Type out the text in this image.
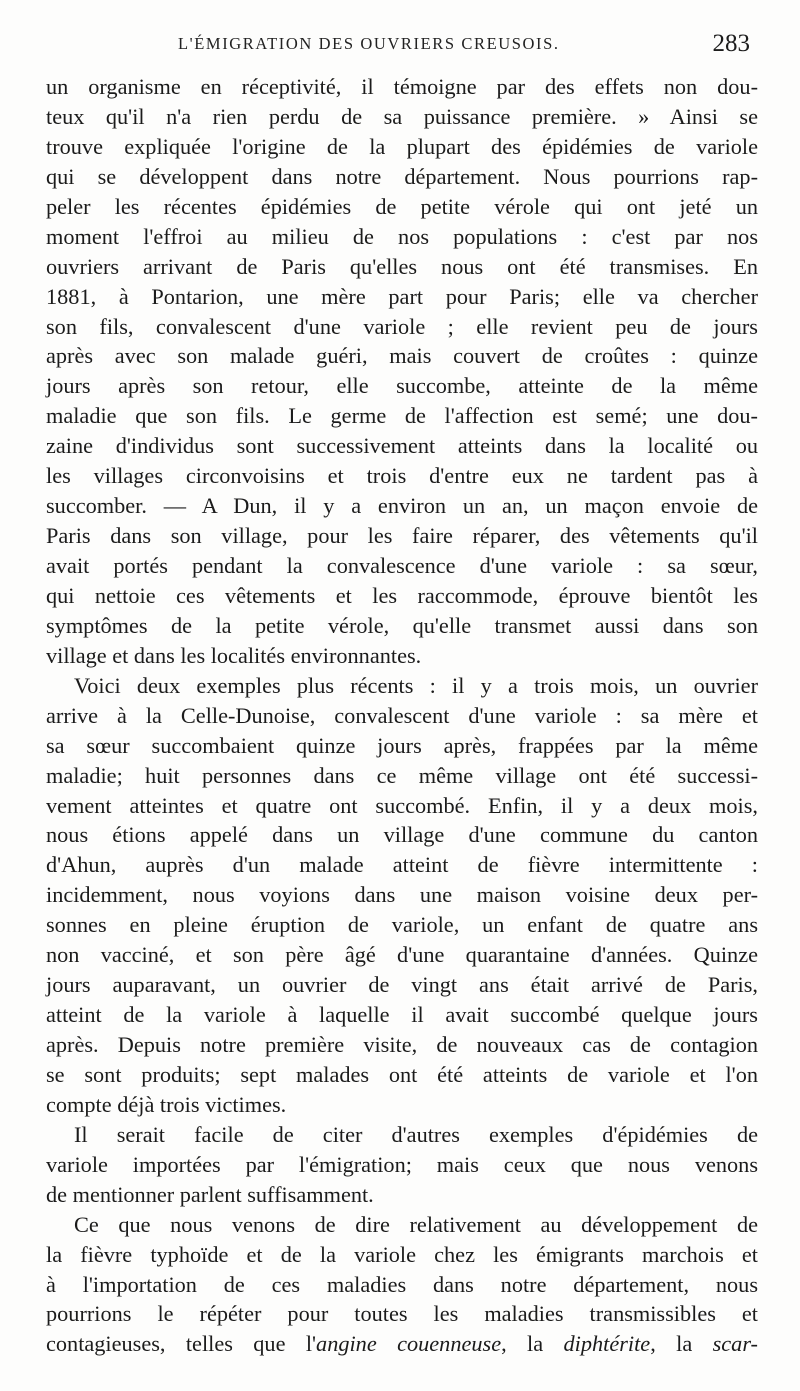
L'ÉMIGRATION DES OUVRIERS CREUSOIS.	283
un organisme en réceptivité, il témoigne par des effets non dou-
teux qu'il n'a rien perdu de sa puissance première. » Ainsi se
trouve expliquée l'origine de la plupart des épidémies de variole
qui se développent dans notre département. Nous pourrions rap-
peler les récentes épidémies de petite vérole qui ont jeté un
moment l'effroi au milieu de nos populations : c'est par nos
ouvriers arrivant de Paris qu'elles nous ont été transmises. En
1881, à Pontarion, une mère part pour Paris; elle va chercher
son fils, convalescent d'une variole ; elle revient peu de jours
après avec son malade guéri, mais couvert de croûtes : quinze
jours après son retour, elle succombe, atteinte de la même
maladie que son fils. Le germe de l'affection est semé; une dou-
zaine d'individus sont successivement atteints dans la localité ou
les villages circonvoisins et trois d'entre eux ne tardent pas à
succomber. — A Dun, il y a environ un an, un maçon envoie de
Paris dans son village, pour les faire réparer, des vêtements qu'il
avait portés pendant la convalescence d'une variole : sa sœur,
qui nettoie ces vêtements et les raccommode, éprouve bientôt les
symptômes de la petite vérole, qu'elle transmet aussi dans son
village et dans les localités environnantes.
Voici deux exemples plus récents : il y a trois mois, un ouvrier
arrive à la Celle-Dunoise, convalescent d'une variole : sa mère et
sa sœur succombaient quinze jours après, frappées par la même
maladie; huit personnes dans ce même village ont été successi-
vement atteintes et quatre ont succombé. Enfin, il y a deux mois,
nous étions appelé dans un village d'une commune du canton
d'Ahun, auprès d'un malade atteint de fièvre intermittente :
incidemment, nous voyions dans une maison voisine deux per-
sonnes en pleine éruption de variole, un enfant de quatre ans
non vacciné, et son père âgé d'une quarantaine d'années. Quinze
jours auparavant, un ouvrier de vingt ans était arrivé de Paris,
atteint de la variole à laquelle il avait succombé quelque jours
après. Depuis notre première visite, de nouveaux cas de contagion
se sont produits; sept malades ont été atteints de variole et l'on
compte déjà trois victimes.
Il serait facile de citer d'autres exemples d'épidémies de
variole importées par l'émigration; mais ceux que nous venons
de mentionner parlent suffisamment.
Ce que nous venons de dire relativement au développement de
la fièvre typhoïde et de la variole chez les émigrants marchois et
à l'importation de ces maladies dans notre département, nous
pourrions le répéter pour toutes les maladies transmissibles et
contagieuses, telles que l'angine couenneuse, la diphtérite, la scar-
